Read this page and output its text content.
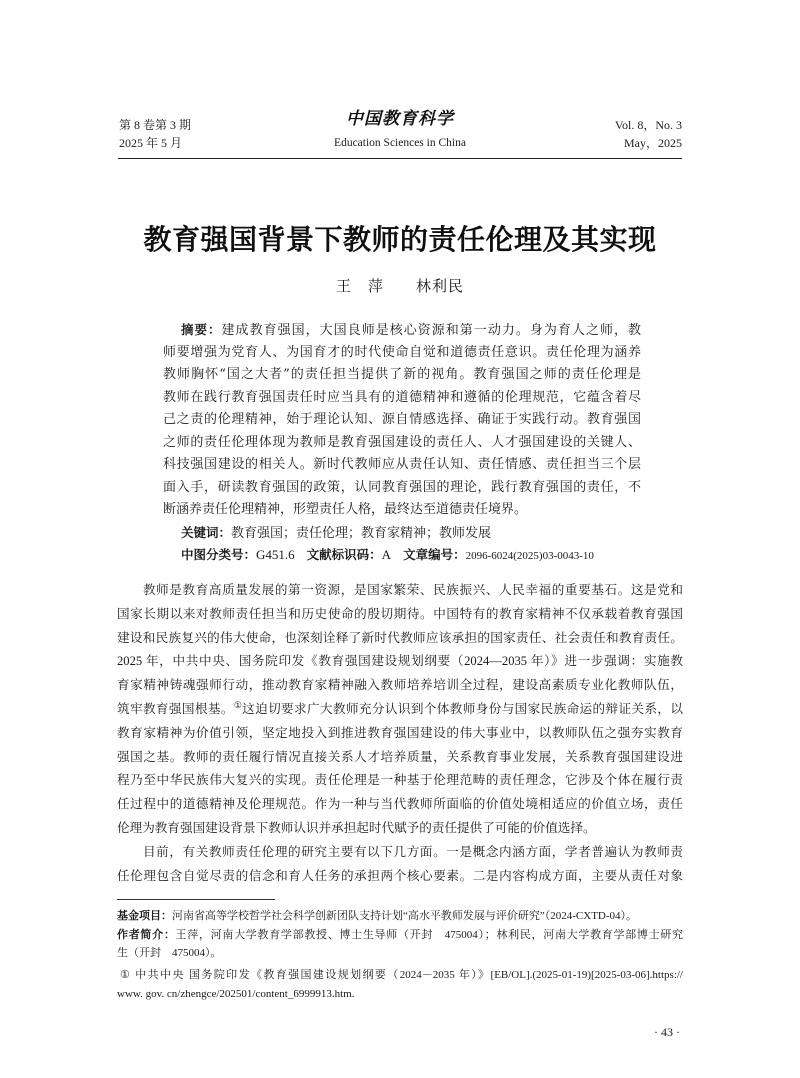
第 8 卷第 3 期
2025 年 5 月
中国教育科学
Education Sciences in China
Vol. 8，No. 3
May，2025
教育强国背景下教师的责任伦理及其实现
王　萍　　林利民
摘要：建成教育强国，大国良师是核心资源和第一动力。身为育人之师，教
师要增强为党育人、为国育才的时代使命自觉和道德责任意识。责任伦理为涵养
教师胸怀“国之大者”的责任担当提供了新的视角。教育强国之师的责任伦理是
教师在践行教育强国责任时应当具有的道德精神和遵循的伦理规范，它蕴含着尽
己之责的伦理精神，始于理论认知、源自情感选择、确证于实践行动。教育强国
之师的责任伦理体现为教师是教育强国建设的责任人、人才强国建设的关键人、
科技强国建设的相关人。新时代教师应从责任认知、责任情感、责任担当三个层
面入手，研读教育强国的政策，认同教育强国的理论，践行教育强国的责任，不
断涵养责任伦理精神，形塑责任人格，最终达至道德责任境界。
关键词：教育强国；责任伦理；教育家精神；教师发展
中图分类号：G451.6 文献标识码：A 文章编号：2096-6024(2025)03-0043-10
教师是教育高质量发展的第一资源，是国家繁荣、民族振兴、人民幸福的重要基石。这是党和
国家长期以来对教师责任担当和历史使命的殷切期待。中国特有的教育家精神不仅承载着教育强国
建设和民族复兴的伟大使命，也深刻诠释了新时代教师应该承担的国家责任、社会责任和教育责任。
2025 年，中共中央、国务院印发《教育强国建设规划纲要（2024—2035 年）》进一步强调：实施教
育家精神铸魂强师行动，推动教育家精神融入教师培养培训全过程，建设高素质专业化教师队伍，
筑牢教育强国根基。①这迫切要求广大教师充分认识到个体教师身份与国家民族命运的辩证关系，以
教育家精神为价值引领，坚定地投入到推进教育强国建设的伟大事业中，以教师队伍之强夯实教育
强国之基。教师的责任履行情况直接关系人才培养质量，关系教育事业发展，关系教育强国建设进
程乃至中华民族伟大复兴的实现。责任伦理是一种基于伦理范畴的责任理念，它涉及个体在履行责
任过程中的道德精神及伦理规范。作为一种与当代教师所面临的价值处境相适应的价值立场，责任
伦理为教育强国建设背景下教师认识并承担起时代赋予的责任提供了可能的价值选择。
目前，有关教师责任伦理的研究主要有以下几方面。一是概念内涵方面，学者普遍认为教师责
任伦理包含自觉尽责的信念和育人任务的承担两个核心要素。二是内容构成方面，主要从责任对象
基金项目：河南省高等学校哲学社会科学创新团队支持计划“高水平教师发展与评价研究”（2024-CXTD-04）。
作者简介：王萍，河南大学教育学部教授、博士生导师（开封　475004）；林利民，河南大学教育学部博士研究
生（开封　475004）。
① 中共中央 国务院印发《教育强国建设规划纲要（2024－2035 年）》[EB/OL].(2025-01-19)[2025-03-06].https://
www. gov. cn/zhengce/202501/content_6999913.htm.
· 43 ·
